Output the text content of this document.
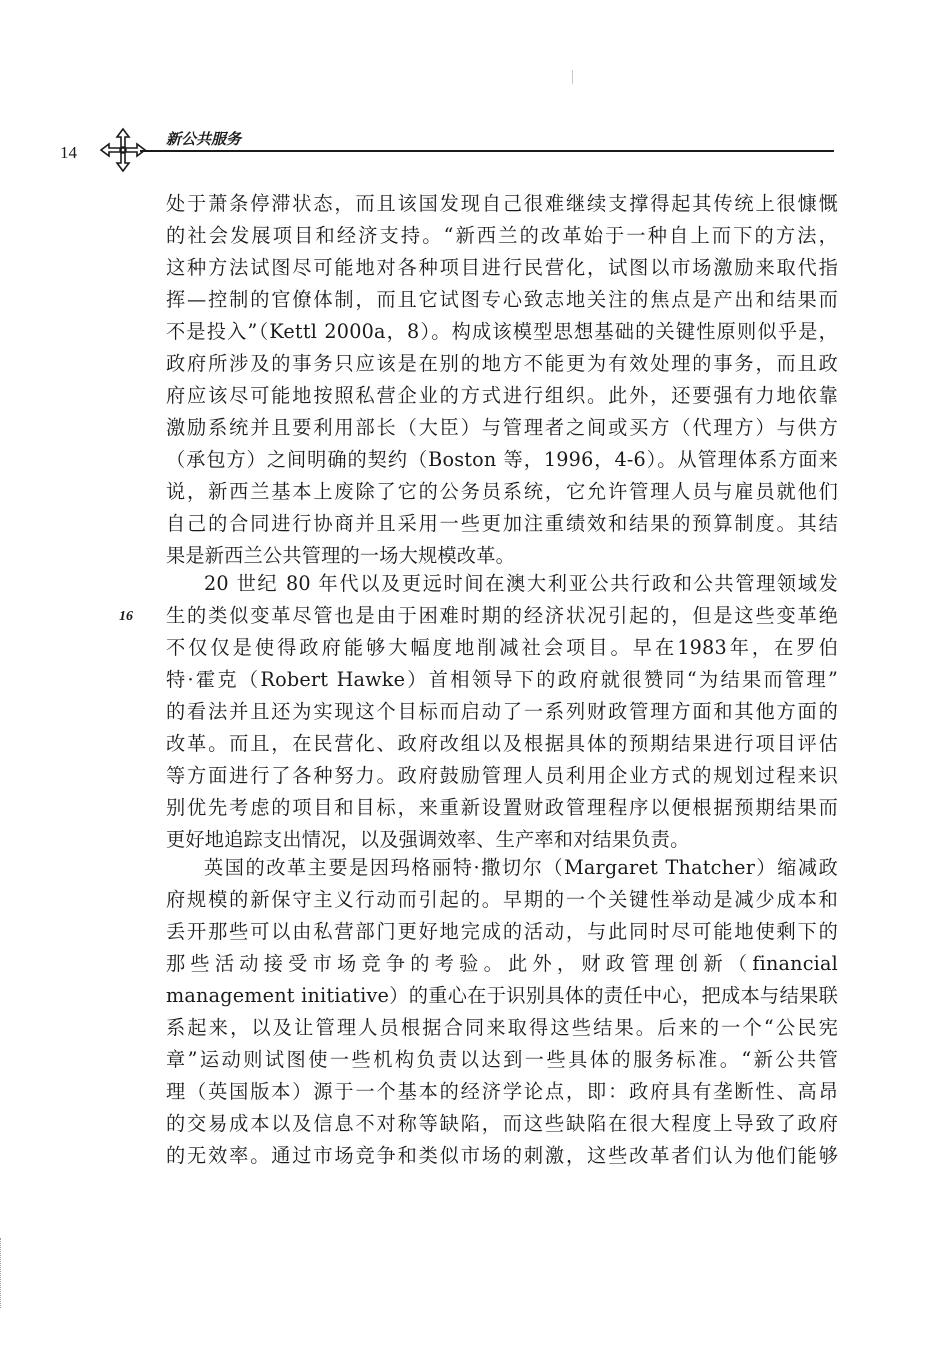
14
新公共服务
16

处于萧条停滞状态，而且该国发现自己很难继续支撑得起其传统上很慷慨

的社会发展项目和经济支持。“新西兰的改革始于一种自上而下的方法，

这种方法试图尽可能地对各种项目进行民营化，试图以市场激励来取代指

挥—控制的官僚体制，而且它试图专心致志地关注的焦点是产出和结果而

不是投入”（Kettl 2000a，8）。构成该模型思想基础的关键性原则似乎是，

政府所涉及的事务只应该是在别的地方不能更为有效处理的事务，而且政

府应该尽可能地按照私营企业的方式进行组织。此外，还要强有力地依靠

激励系统并且要利用部长（大臣）与管理者之间或买方（代理方）与供方

（承包方）之间明确的契约（Boston 等，1996，4-6）。从管理体系方面来

说，新西兰基本上废除了它的公务员系统，它允许管理人员与雇员就他们

自己的合同进行协商并且采用一些更加注重绩效和结果的预算制度。其结

果是新西兰公共管理的一场大规模改革。

20 世纪 80 年代以及更远时间在澳大利亚公共行政和公共管理领域发

生的类似变革尽管也是由于困难时期的经济状况引起的，但是这些变革绝

不仅仅是使得政府能够大幅度地削减社会项目。早在1983年，在罗伯

特·霍克（Robert Hawke）首相领导下的政府就很赞同“为结果而管理”

的看法并且还为实现这个目标而启动了一系列财政管理方面和其他方面的

改革。而且，在民营化、政府改组以及根据具体的预期结果进行项目评估

等方面进行了各种努力。政府鼓励管理人员利用企业方式的规划过程来识

别优先考虑的项目和目标，来重新设置财政管理程序以便根据预期结果而

更好地追踪支出情况，以及强调效率、生产率和对结果负责。

英国的改革主要是因玛格丽特·撒切尔（Margaret Thatcher）缩减政

府规模的新保守主义行动而引起的。早期的一个关键性举动是减少成本和

丢开那些可以由私营部门更好地完成的活动，与此同时尽可能地使剩下的

那些活动接受市场竞争的考验。此外，财政管理创新（financial

management initiative）的重心在于识别具体的责任中心，把成本与结果联

系起来，以及让管理人员根据合同来取得这些结果。后来的一个“公民宪

章”运动则试图使一些机构负责以达到一些具体的服务标准。“新公共管

理（英国版本）源于一个基本的经济学论点，即：政府具有垄断性、高昂

的交易成本以及信息不对称等缺陷，而这些缺陷在很大程度上导致了政府

的无效率。通过市场竞争和类似市场的刺激，这些改革者们认为他们能够
